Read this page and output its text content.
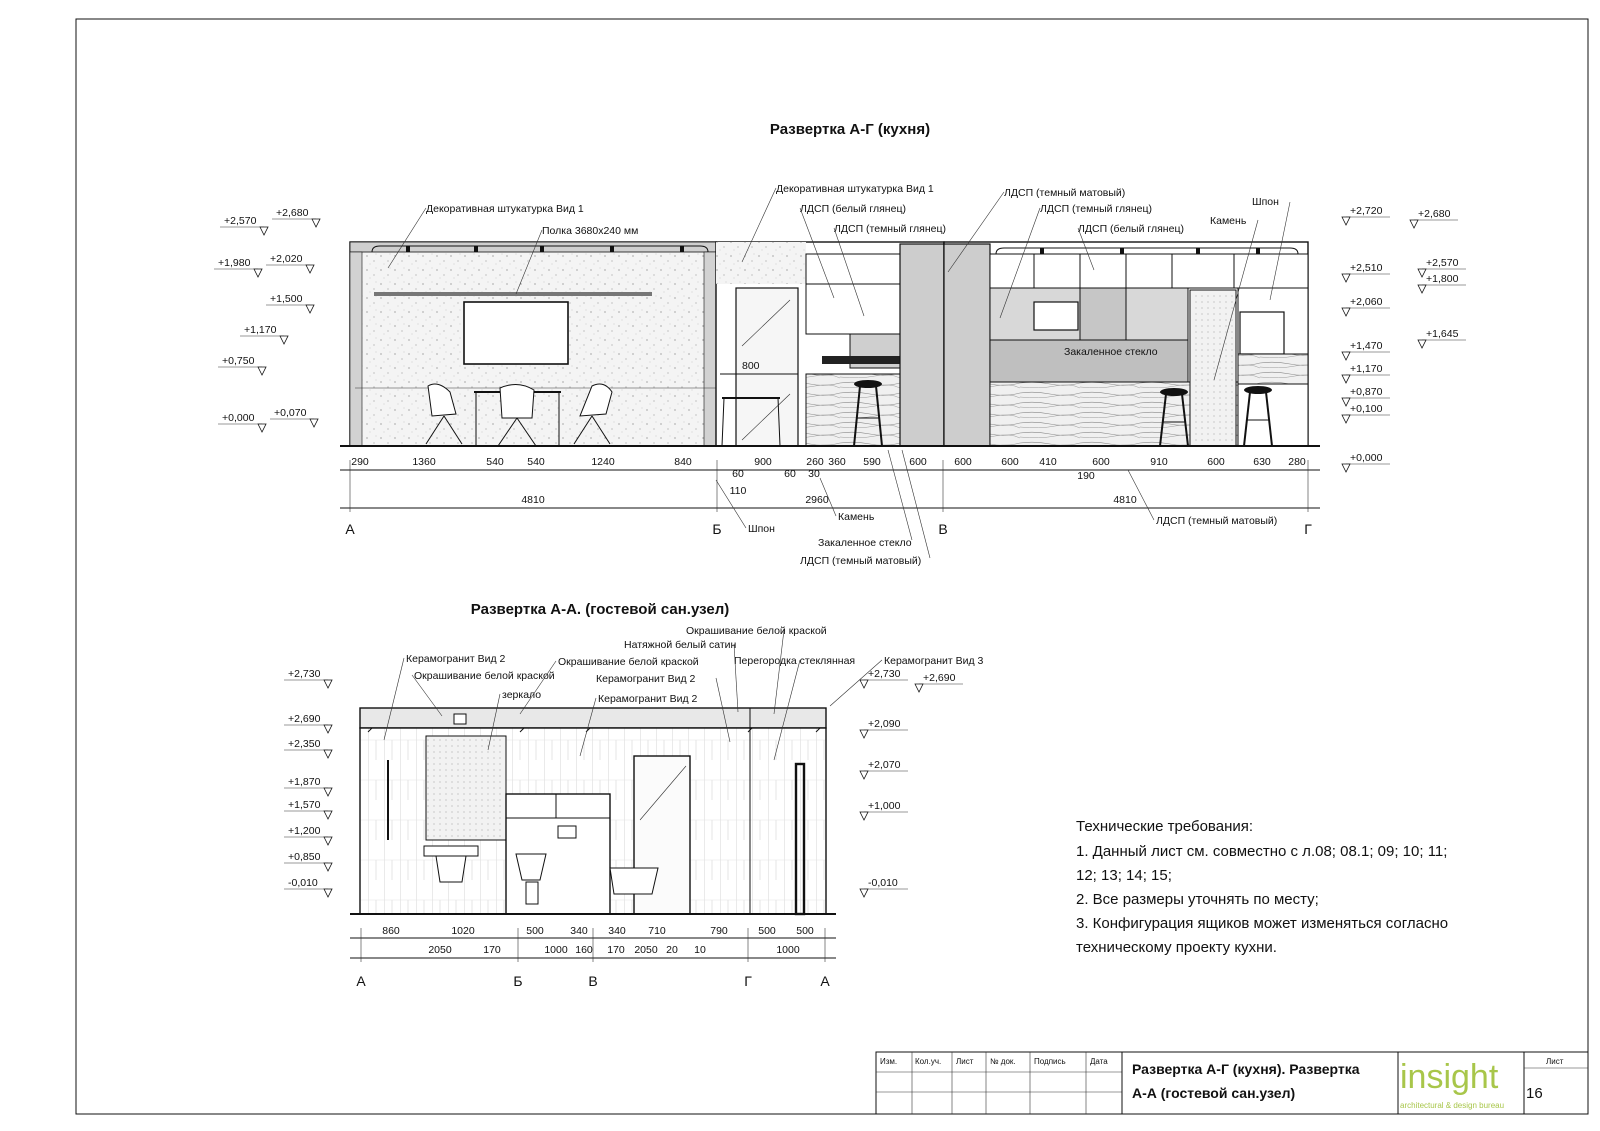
Развертка А-Г (кухня)
800
Закаленное стекло
Декоративная штукатурка Вид 1
Полка 3680х240 мм
Декоративная штукатурка Вид 1
ЛДСП (белый глянец)
ЛДСП (темный глянец)
ЛДСП (темный матовый)
ЛДСП (темный глянец)
ЛДСП (белый глянец)
Шпон
Камень
+2,570
+2,680
+1,980 +2,020
+1,500
+1,170
+0,750
+0,000 +0,070
+2,720	+2,680
+2,510	+2,570
+1,800
+2,060
+1,645
+1,470
+1,170
+0,870
+0,100
+0,000
290	1360	540 540	1240	840	900	260 360 590	600	600	600 410	600	910	600	630 280
60
110
60 30	190
4810	2960	4810
А	Б	В	Г
Камень
Шпон
Закаленное стекло
ЛДСП (темный матовый)
ЛДСП (темный матовый)
Развертка А-А. (гостевой сан.узел)
Керамогранит Вид 2
Окрашивание белой краской
зеркало	Керамогранит Вид 2
Окрашивание белой краской
Натяжной белый сатин
Окрашивание белой краской
Керамогранит Вид 2
Перегородка стеклянная	Керамогранит Вид 3
+2,730
+2,690
+2,350
+1,870
+1,570
+1,200
+0,850
-0,010
+2,730 +2,690
+2,090
+2,070
+1,000
-0,010
860	1020	500	340 340 710	790	500 500
2050	170	1000 160 170 2050 20 10	1000
А	Б	В	Г	А
Технические требования:
1. Данный лист см. совместно с л.08; 08.1; 09; 10; 11;
12; 13; 14; 15;
2. Все размеры уточнять по месту;
3. Конфигурация ящиков может изменяться согласно
техническому проекту кухни.
Изм. Кол.уч. Лист № док. Подпись	Дата Развертка А-Г (кухня). Развертка
А-А (гостевой сан.узел)	insight
architectural & design bureau
Лист
16
